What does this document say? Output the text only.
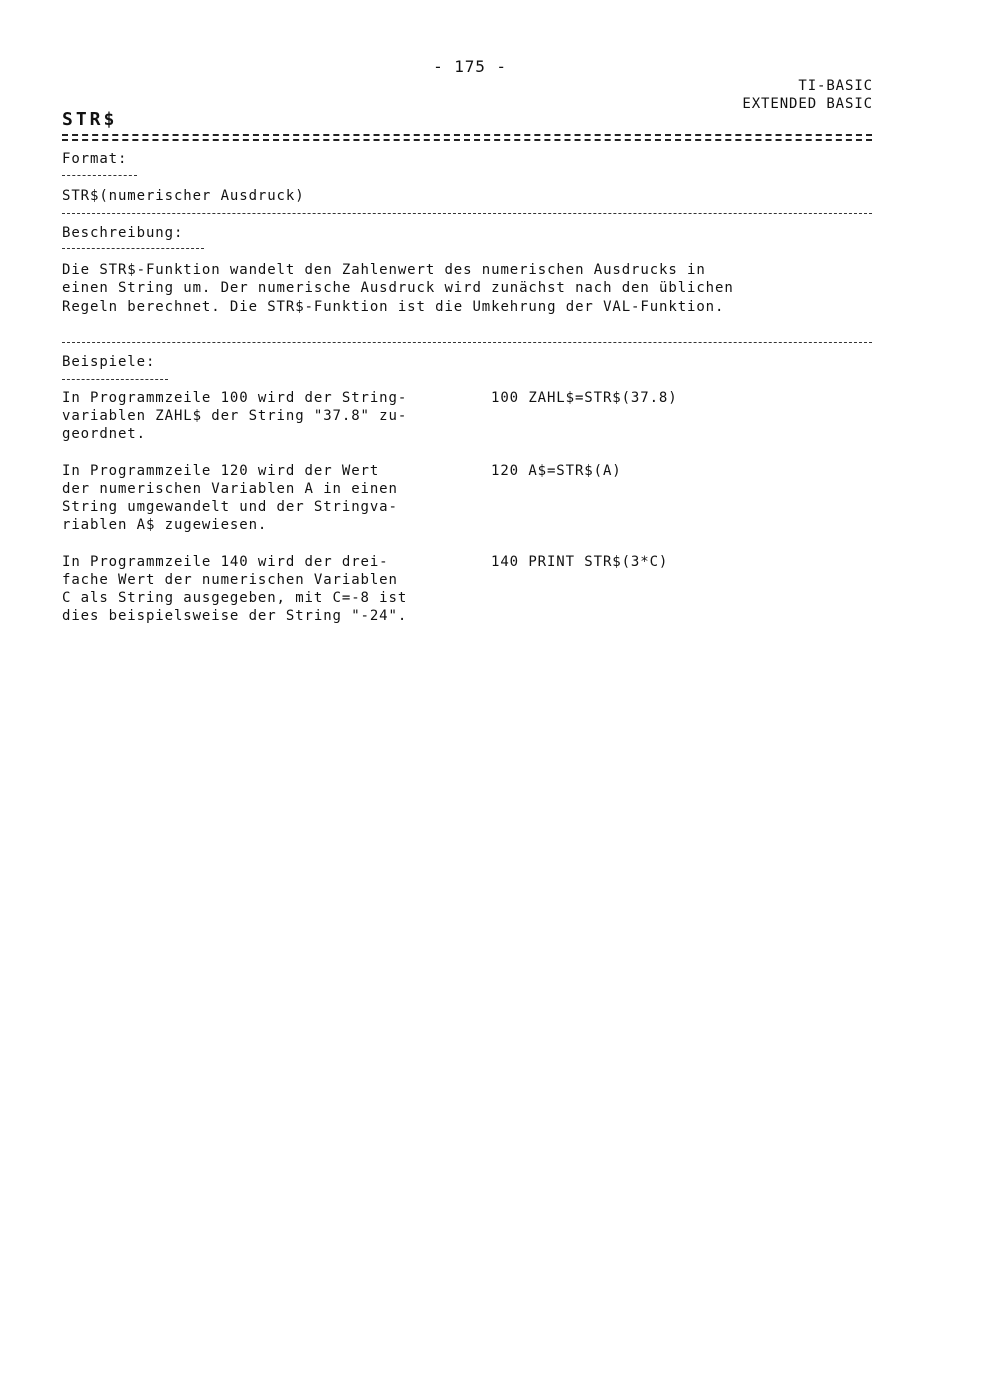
- 175 -
TI-BASIC
EXTENDED BASIC
STR$
Format:
STR$(numerischer Ausdruck)
Beschreibung:
Die STR$-Funktion wandelt den Zahlenwert des numerischen Ausdrucks in
einen String um. Der numerische Ausdruck wird zunächst nach den üblichen
Regeln berechnet. Die STR$-Funktion ist die Umkehrung der VAL-Funktion.
Beispiele:
In Programmzeile 100 wird der String-
variablen ZAHL$ der String "37.8" zu-
geordnet.
100 ZAHL$=STR$(37.8)
In Programmzeile 120 wird der Wert
der numerischen Variablen A in einen
String umgewandelt und der Stringva-
riablen A$ zugewiesen.
120 A$=STR$(A)
In Programmzeile 140 wird der drei-
fache Wert der numerischen Variablen
C als String ausgegeben, mit C=-8 ist
dies beispielsweise der String "-24".
140 PRINT STR$(3*C)
